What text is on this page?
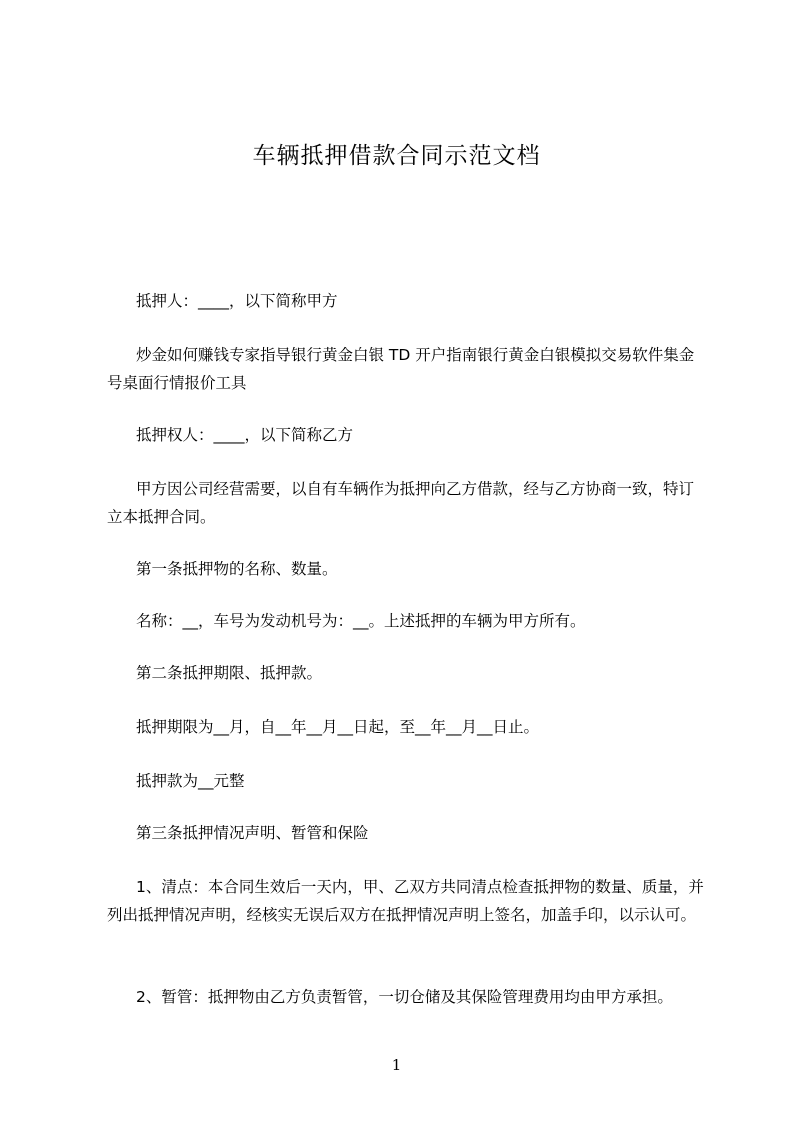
车辆抵押借款合同示范文档
抵押人：____，以下简称甲方
炒金如何赚钱专家指导银行黄金白银 TD 开户指南银行黄金白银模拟交易软件集金号桌面行情报价工具
抵押权人：____，以下简称乙方
甲方因公司经营需要，以自有车辆作为抵押向乙方借款，经与乙方协商一致，特订立本抵押合同。
第一条抵押物的名称、数量。
名称：__，车号为发动机号为：__。上述抵押的车辆为甲方所有。
第二条抵押期限、抵押款。
抵押期限为__月，自__年__月__日起，至__年__月__日止。
抵押款为__元整
第三条抵押情况声明、暂管和保险
1、清点：本合同生效后一天内，甲、乙双方共同清点检查抵押物的数量、质量，并列出抵押情况声明，经核实无误后双方在抵押情况声明上签名，加盖手印，以示认可。
2、暂管：抵押物由乙方负责暂管，一切仓储及其保险管理费用均由甲方承担。
1
